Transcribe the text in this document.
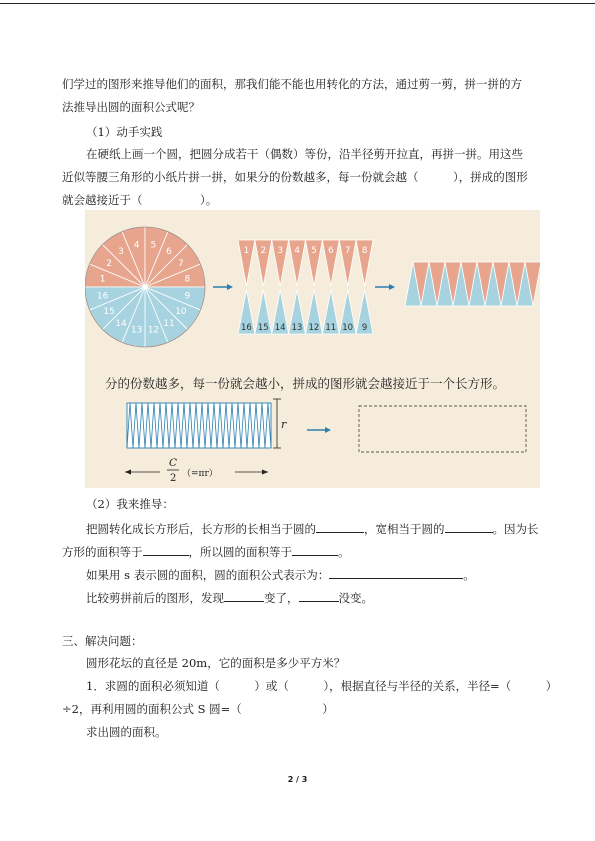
们学过的图形来推导他们的面积，那我们能不能也用转化的方法，通过剪一剪，拼一拼的方
法推导出圆的面积公式呢？
（1）动手实践
在硬纸上画一个圆，把圆分成若干（偶数）等份，沿半径剪开拉直，再拼一拼。用这些
近似等腰三角形的小纸片拼一拼，如果分的份数越多，每一份就会越（　　　），拼成的图形
就会越接近于（　　　　　）。
1
2
3
4 5
6
7
8
16
15
14
13 12
11
10
9
1 2 3 4 5 6 7 8
16 15 14 13 12 11 10 9
分的份数越多，每一份就会越小，拼成的图形就会越接近于一个长方形。
r
C
2 （=πr）
（2）我来推导：
把圆转化成长方形后，长方形的长相当于圆的	，宽相当于圆的	。因为长
方形的面积等于	，所以圆的面积等于	。
如果用 s 表示圆的面积，圆的面积公式表示为：	。
比较剪拼前后的图形，发现	变了，	没变。
三、解决问题：
圆形花坛的直径是 20m，它的面积是多少平方米？
1．求圆的面积必须知道（　　　）或（　　　），根据直径与半径的关系，半径=（　　　）
÷2，再利用圆的面积公式 S 圆=（　　　　　　　）
求出圆的面积。
2 / 3
